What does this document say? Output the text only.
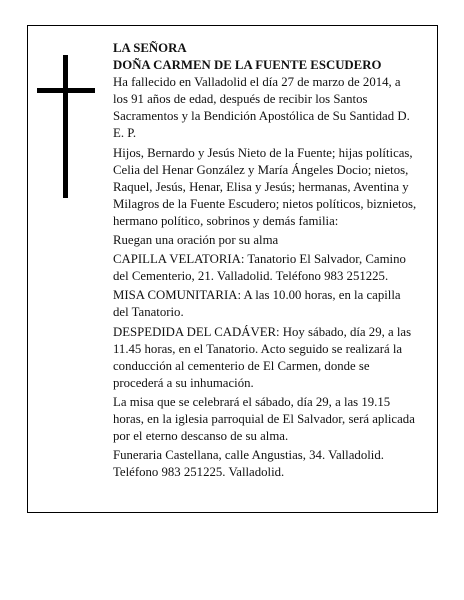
LA SEÑORA

DOÑA CARMEN DE LA FUENTE ESCUDERO

Ha fallecido en Valladolid el día 27 de marzo de 2014, a los 91 años de edad, después de recibir los Santos Sacramentos y la Bendición Apostólica de Su Santidad D. E. P.

Hijos, Bernardo y Jesús Nieto de la Fuente; hijas políticas, Celia del Henar González y María Ángeles Docio; nietos, Raquel, Jesús, Henar, Elisa y Jesús; hermanas, Aventina y Milagros de la Fuente Escudero; nietos políticos, biznietos, hermano político, sobrinos y demás familia:

Ruegan una oración por su alma

CAPILLA VELATORIA: Tanatorio El Salvador, Camino del Cementerio, 21. Valladolid. Teléfono 983 251225.

MISA COMUNITARIA: A las 10.00 horas, en la capilla del Tanatorio.

DESPEDIDA DEL CADÁVER: Hoy sábado, día 29, a las 11.45 horas, en el Tanatorio. Acto seguido se realizará la conducción al cementerio de El Carmen, donde se procederá a su inhumación.

La misa que se celebrará el sábado, día 29, a las 19.15 horas, en la iglesia parroquial de El Salvador, será aplicada por el eterno descanso de su alma.

Funeraria Castellana, calle Angustias, 34. Valladolid. Teléfono 983 251225. Valladolid.
